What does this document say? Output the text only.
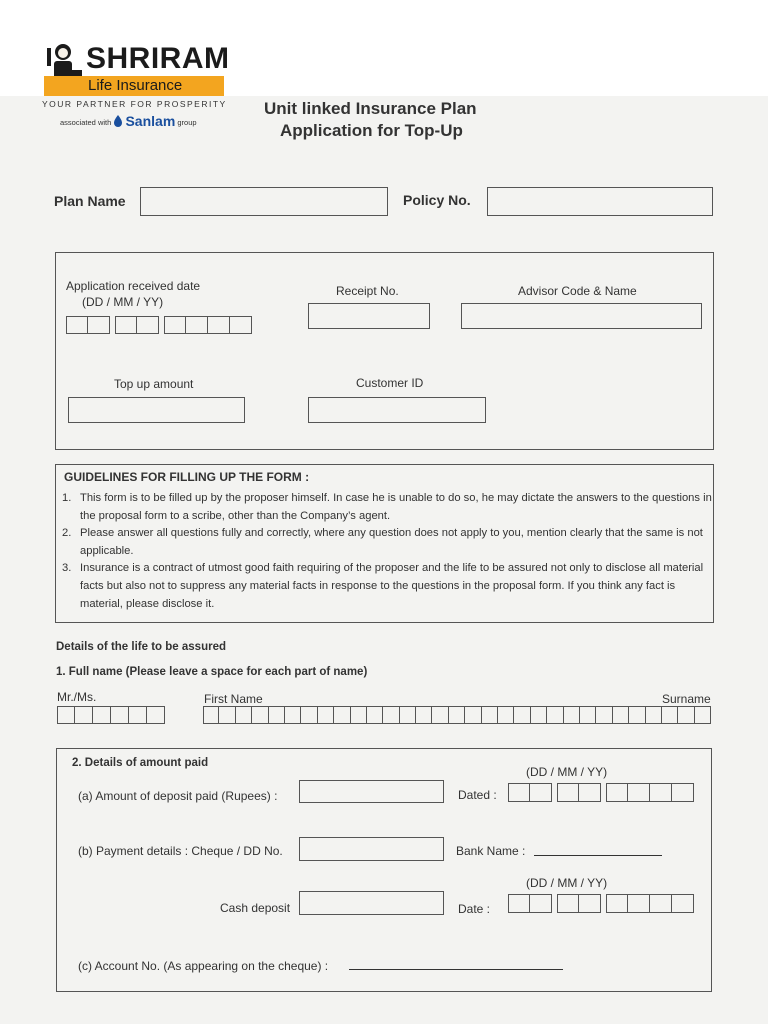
SHRIRAM
Life Insurance
YOUR PARTNER FOR PROSPERITY
associated with Sanlam group
Unit linked Insurance Plan
Application for Top-Up
Plan Name	Policy No.
Application received date
(DD / MM / YY)
Receipt No.	Advisor Code & Name
Top up amount	Customer ID
GUIDELINES FOR FILLING UP THE FORM :
1. This form is to be filled up by the proposer himself. In case he is unable to do so, he may dictate the answers to the questions in the proposal form to a scribe, other than the Company’s agent.
2. Please answer all questions fully and correctly, where any question does not apply to you, mention clearly that the same is not applicable.
3. Insurance is a contract of utmost good faith requiring of the proposer and the life to be assured not only to disclose all material facts but also not to suppress any material facts in response to the questions in the proposal form. If you think any fact is material, please disclose it.
Details of the life to be assured
1. Full name (Please leave a space for each part of name)
Mr./Ms.	First Name	Surname
2. Details of amount paid
(DD / MM / YY)
(a) Amount of deposit paid (Rupees) :	Dated :
(b) Payment details : Cheque / DD No.	Bank Name :
(DD / MM / YY)
Cash deposit	Date :
(c) Account No. (As appearing on the cheque) :
